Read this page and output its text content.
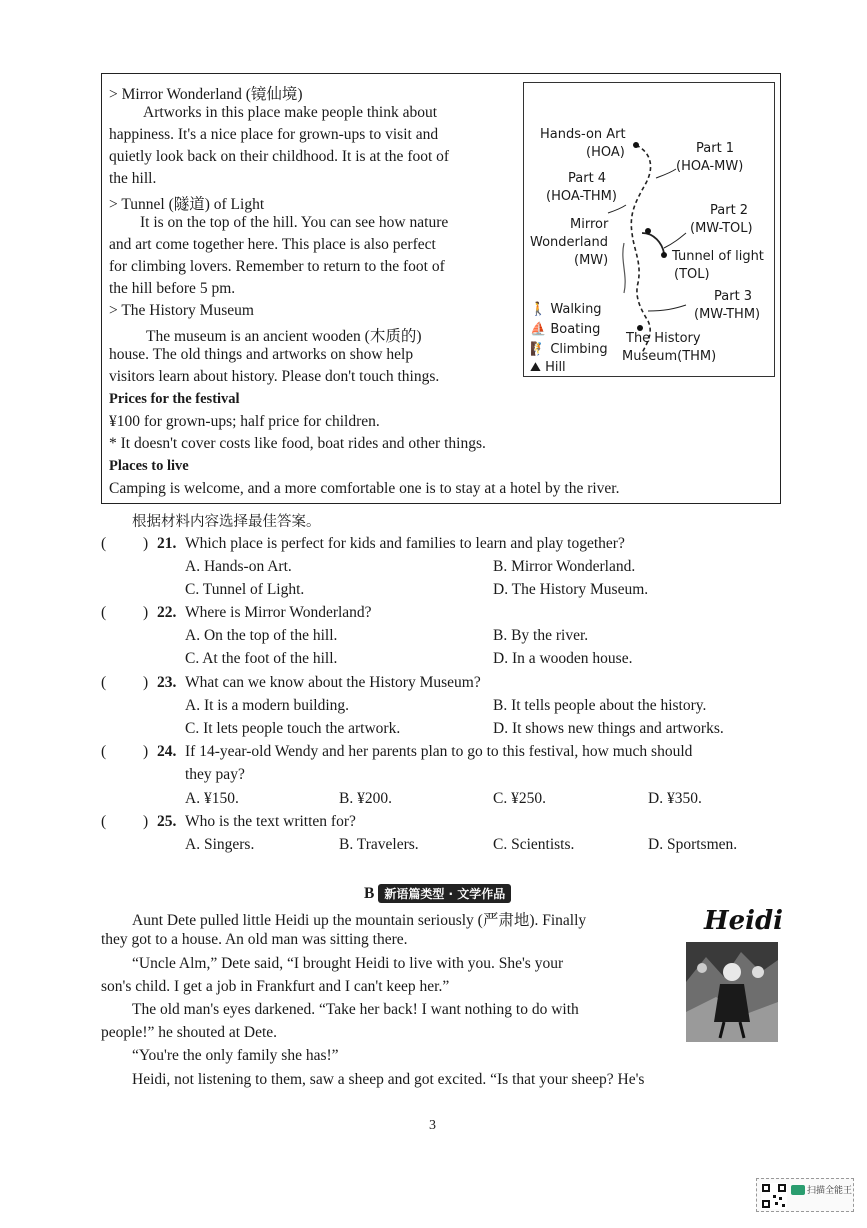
> Mirror Wonderland (镜仙境)
Artworks in this place make people think about
happiness. It's a nice place for grown-ups to visit and
quietly look back on their childhood. It is at the foot of
the hill.
> Tunnel (隧道) of Light
It is on the top of the hill. You can see how nature
and art come together here. This place is also perfect
for climbing lovers. Remember to return to the foot of
the hill before 5 pm.
> The History Museum
The museum is an ancient wooden (木质的)
house. The old things and artworks on show help
visitors learn about history. Please don't touch things.
Prices for the festival
¥100 for grown-ups; half price for children.
* It doesn't cover costs like food, boat rides and other things.
Places to live
Camping is welcome, and a more comfortable one is to stay at a hotel by the river.
Hands-on Art
(HOA)	Part 1
(HOA-MW)
Part 4
(HOA-THM)
Mirror
Wonderland
(MW)
Part 2
(MW-TOL)
Tunnel of light
(TOL)
Part 3
(MW-THM)
The History
Museum(THM)
🚶 Walking
⛵ Boating
🧗 Climbing
⛰ Hill
根据材料内容选择最佳答案。
( ) 21. Which place is perfect for kids and families to learn and play together?
A. Hands-on Art.	B. Mirror Wonderland.
C. Tunnel of Light.	D. The History Museum.
( ) 22. Where is Mirror Wonderland?
A. On the top of the hill.	B. By the river.
C. At the foot of the hill.	D. In a wooden house.
( ) 23. What can we know about the History Museum?
A. It is a modern building.	B. It tells people about the history.
C. It lets people touch the artwork.	D. It shows new things and artworks.
( ) 24. If 14-year-old Wendy and her parents plan to go to this festival, how much should
they pay?
A. ¥150.	B. ¥200.	C. ¥250.	D. ¥350.
( ) 25. Who is the text written for?
A. Singers.	B. Travelers.	C. Scientists.	D. Sportsmen.
B 新语篇类型 · 文学作品
Aunt Dete pulled little Heidi up the mountain seriously (严肃地). Finally
they got to a house. An old man was sitting there.
“Uncle Alm,” Dete said, “I brought Heidi to live with you. She's your
son's child. I get a job in Frankfurt and I can't keep her.”
The old man's eyes darkened. “Take her back! I want nothing to do with
people!” he shouted at Dete.
“You're the only family she has!”
Heidi, not listening to them, saw a sheep and got excited. “Is that your sheep? He's
Heidi
3
扫描全能王
